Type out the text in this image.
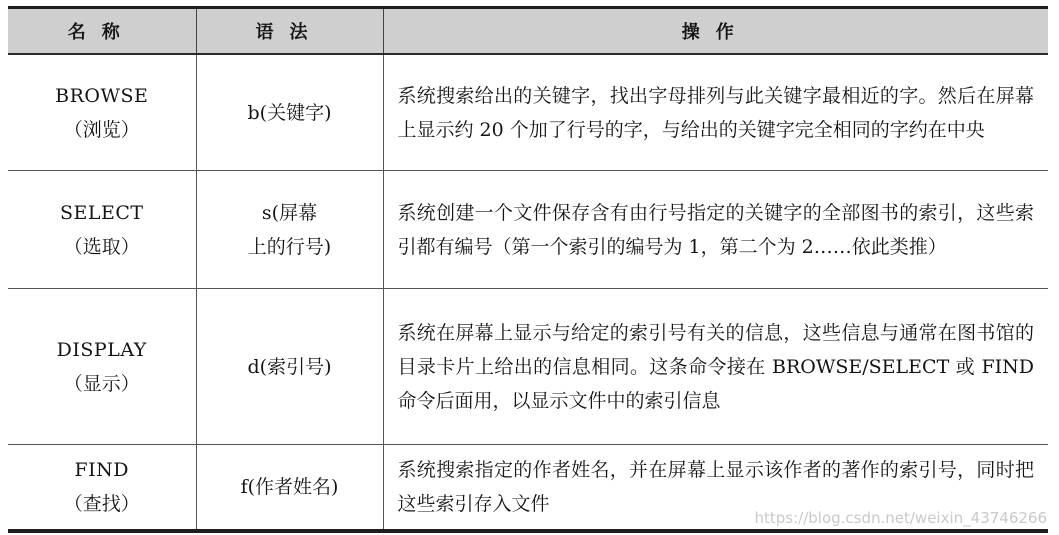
名称	语法	操作

BROWSE
（浏览）	b(关键字)	系统搜索给出的关键字，找出字母排列与此关键字最相近的字。然后在屏幕上显示约 20 个加了行号的字，与给出的关键字完全相同的字约在中央

SELECT
（选取）	s(屏幕
上的行号)	系统创建一个文件保存含有由行号指定的关键字的全部图书的索引，这些索引都有编号（第一个索引的编号为 1，第二个为 2……依此类推）

DISPLAY
（显示）	d(索引号)	系统在屏幕上显示与给定的索引号有关的信息，这些信息与通常在图书馆的目录卡片上给出的信息相同。这条命令接在 BROWSE/SELECT 或 FIND 命令后面用，以显示文件中的索引信息

FIND
（查找）	f(作者姓名)	系统搜索指定的作者姓名，并在屏幕上显示该作者的著作的索引号，同时把这些索引存入文件
https://blog.csdn.net/weixin_43746266
